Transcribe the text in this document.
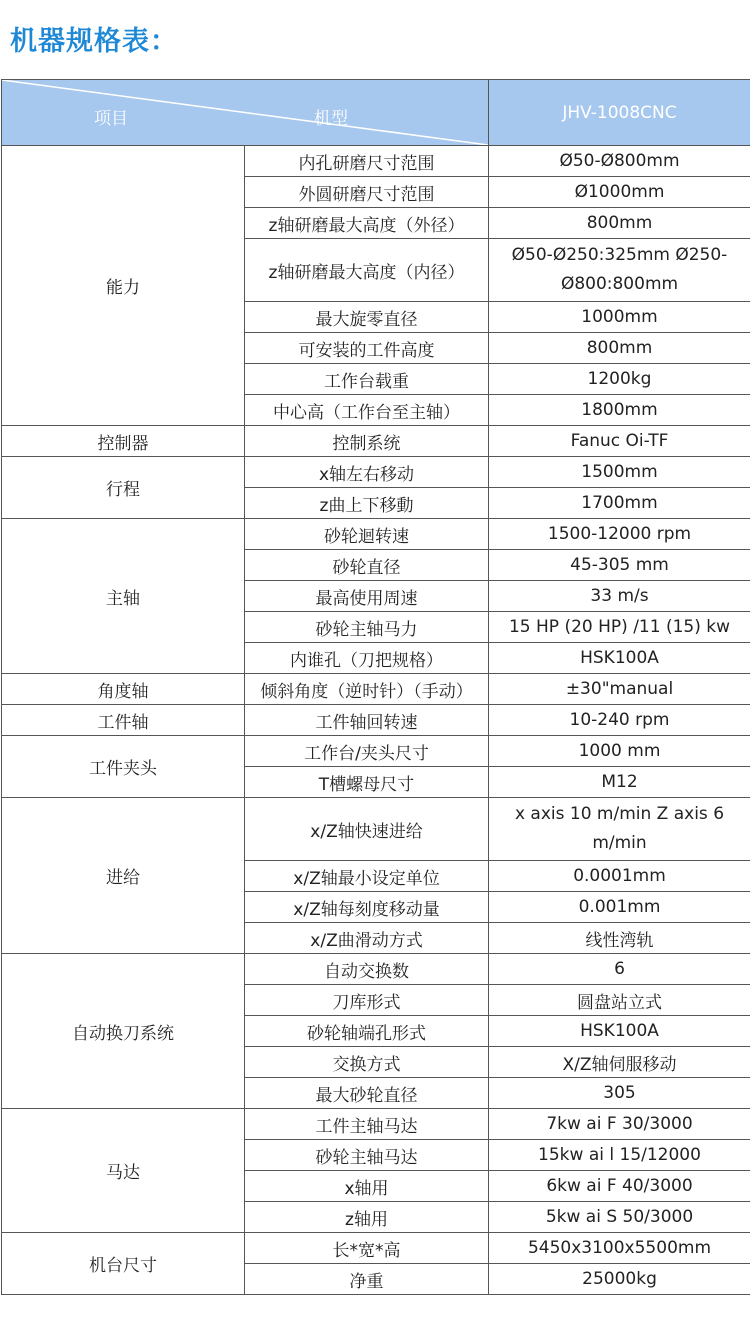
机器规格表：
项目 机型		JHV-1008CNC
能力	内孔研磨尺寸范围	Ø50-Ø800mm
	外圆研磨尺寸范围	Ø1000mm
	z轴研磨最大高度（外径）	800mm
	z轴研磨最大高度（内径）	Ø50-Ø250:325mm Ø250-Ø800:800mm
	最大旋零直径	1000mm
	可安装的工件高度	800mm
	工作台载重	1200kg
	中心高（工作台至主轴）	1800mm
控制器	控制系统	Fanuc Oi-TF
行程	x轴左右移动	1500mm
	z曲上下移動	1700mm
主轴	砂轮迴转速	1500-12000 rpm
	砂轮直径	45-305 mm
	最高使用周速	33 m/s
	砂轮主轴马力	15 HP (20 HP) /11 (15) kw
	内谁孔（刀把规格）	HSK100A
角度轴	倾斜角度（逆时针）（手动）	±30"manual
工件轴	工件轴回转速	10-240 rpm
工件夹头	工作台/夹头尺寸	1000 mm
	T槽螺母尺寸	M12
进给	x/Z轴快速进给	x axis 10 m/min Z axis 6 m/min
	x/Z轴最小设定单位	0.0001mm
	x/Z轴每刻度移动量	0.001mm
	x/Z曲滑动方式	线性湾轨
自动换刀系统	自动交换数	6
	刀库形式	圆盘站立式
	砂轮轴端孔形式	HSK100A
	交换方式	X/Z轴伺服移动
	最大砂轮直径	305
马达	工件主轴马达	7kw ai F 30/3000
	砂轮主轴马达	15kw ai l 15/12000
	x轴用	6kw ai F 40/3000
	z轴用	5kw ai S 50/3000
机台尺寸	长*宽*高	5450x3100x5500mm
	净重	25000kg
